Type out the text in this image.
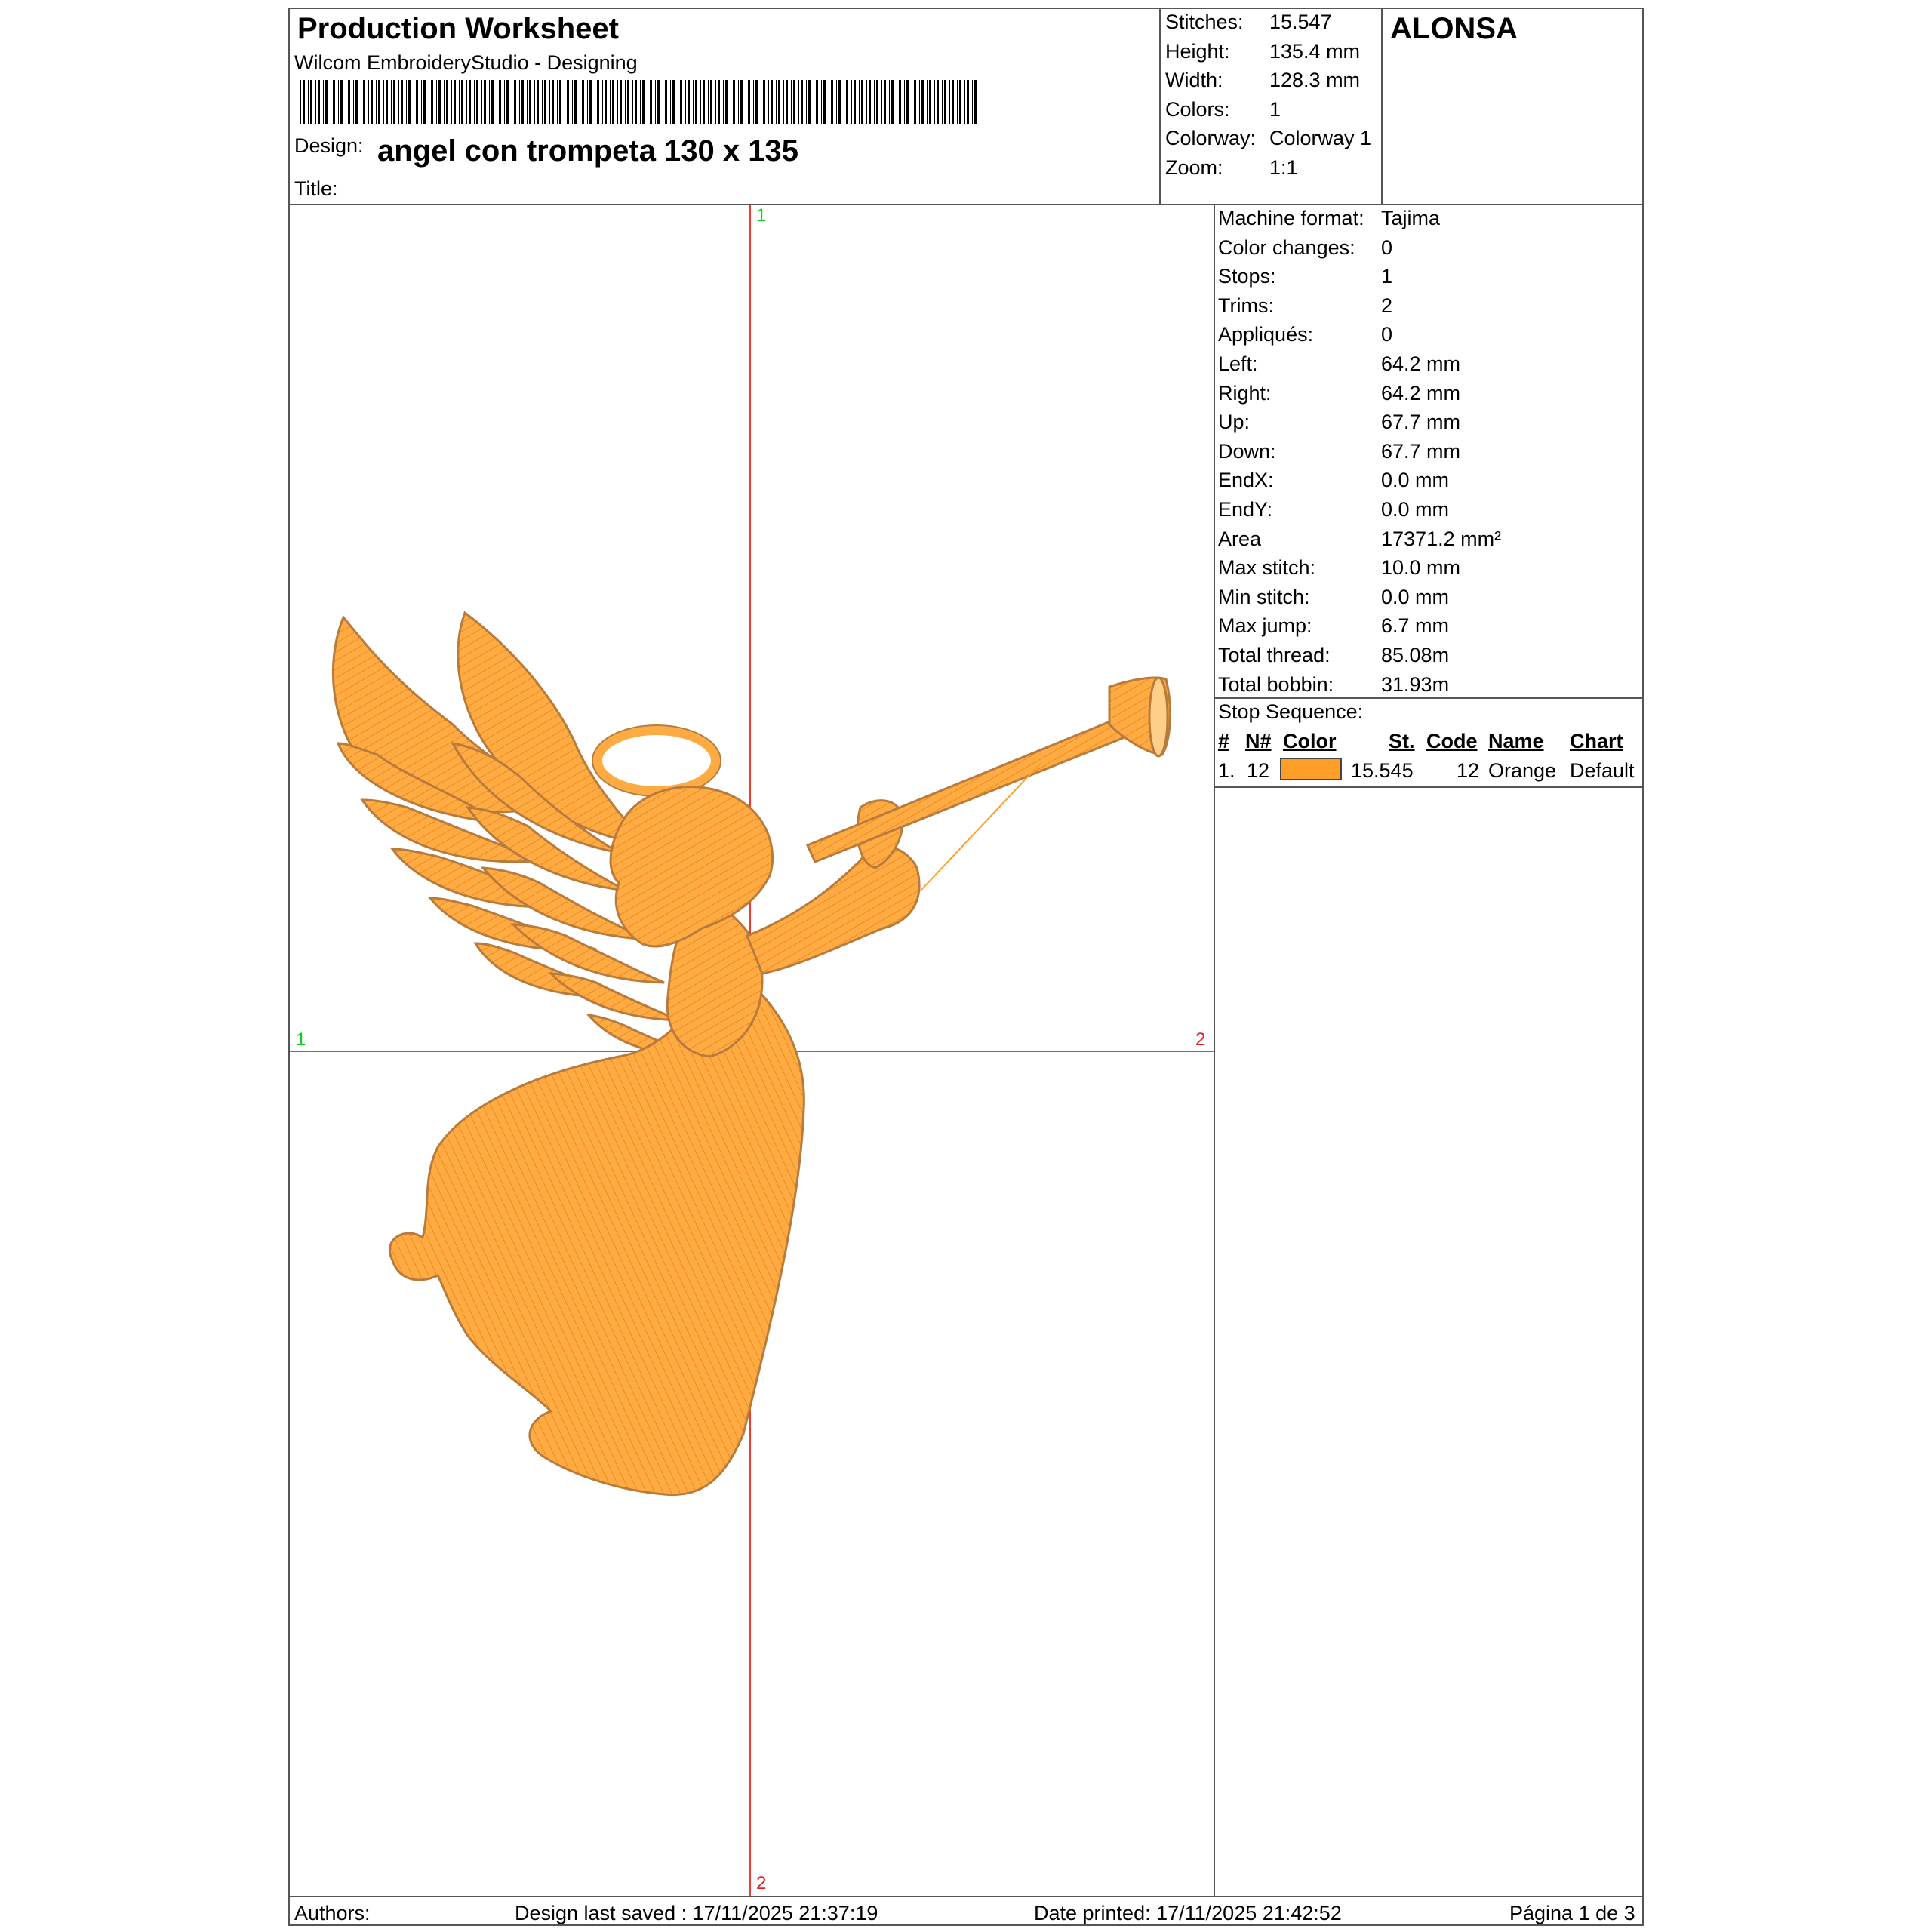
Production Worksheet
Wilcom EmbroideryStudio - Designing
Design: angel con trompeta 130 x 135
Title:
Stitches: 15.547
Height: 135.4 mm
Width: 128.3 mm
Colors: 1
Colorway: Colorway 1
Zoom: 1:1
ALONSA
1
1	2
2
Machine format: Tajima
Color changes: 0
Stops:	1
Trims:	2
Appliqués:	0
Left:	64.2 mm
Right:	64.2 mm
Up:	67.7 mm
Down:	67.7 mm
EndX:	0.0 mm
EndY:	0.0 mm
Area	17371.2 mm²
Max stitch:	10.0 mm
Min stitch:	0.0 mm
Max jump:	6.7 mm
Total thread: 85.08m
Total bobbin: 31.93m
Stop Sequence:
# N# Color	St. Code Name Chart
1. 12	15.545 12 Orange Default
Authors:	Design last saved : 17/11/2025 21:37:19	Date printed: 17/11/2025 21:42:52	Página 1 de 3
